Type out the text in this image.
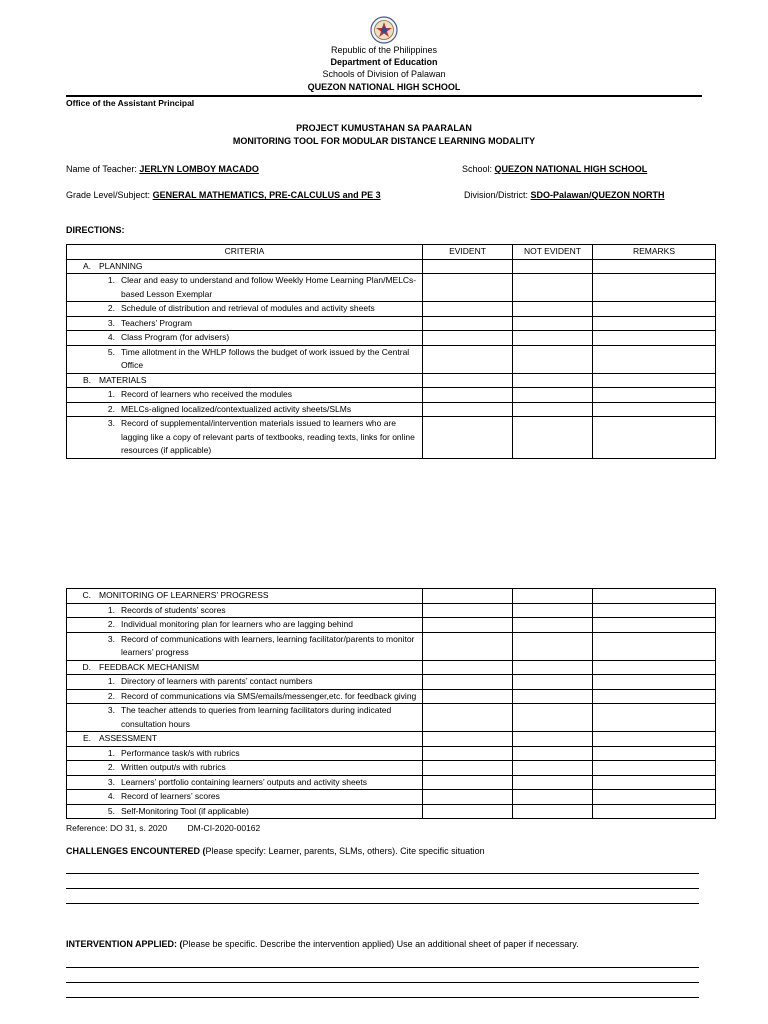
Republic of the Philippines
Department of Education
Schools of Division of Palawan
QUEZON NATIONAL HIGH SCHOOL
Office of the Assistant Principal
PROJECT KUMUSTAHAN SA PAARALAN
MONITORING TOOL FOR MODULAR DISTANCE LEARNING MODALITY
Name of Teacher: JERLYN LOMBOY MACADO	School: QUEZON NATIONAL HIGH SCHOOL
Grade Level/Subject: GENERAL MATHEMATICS, PRE-CALCULUS and PE 3	Division/District: SDO-Palawan/QUEZON NORTH
DIRECTIONS:
CRITERIA	EVIDENT	NOT EVIDENT	REMARKS
A. PLANNING			

1. Clear and easy to understand and follow Weekly Home Learning Plan/MELCs-based Lesson Exemplar			

2. Schedule of distribution and retrieval of modules and activity sheets			

3. Teachers’ Program			

4. Class Program (for advisers)			

5. Time allotment in the WHLP follows the budget of work issued by the Central Office			

B. MATERIALS			

1. Record of learners who received the modules			

2. MELCs-aligned localized/contextualized activity sheets/SLMs			

3. Record of supplemental/intervention materials issued to learners who are lagging like a copy of relevant parts of textbooks, reading texts, links for online resources (if applicable)			

C. MONITORING OF LEARNERS’ PROGRESS			

1. Records of students’ scores			

2. Individual monitoring plan for learners who are lagging behind			

3. Record of communications with learners, learning facilitator/parents to monitor learners’ progress			

D. FEEDBACK MECHANISM			

1. Directory of learners with parents’ contact numbers			

2. Record of communications via SMS/emails/messenger,etc. for feedback giving			

3. The teacher attends to queries from learning facilitators during indicated consultation hours			

E. ASSESSMENT			

1. Performance task/s with rubrics			

2. Written output/s with rubrics			

3. Learners’ portfolio containing learners’ outputs and activity sheets			

4. Record of learners’ scores			

5. Self-Monitoring Tool (if applicable)			

Reference: DO 31, s. 2020 DM-CI-2020-00162
CHALLENGES ENCOUNTERED (Please specify: Learner, parents, SLMs, others). Cite specific situation
INTERVENTION APPLIED: (Please be specific. Describe the intervention applied) Use an additional sheet of paper if necessary.
